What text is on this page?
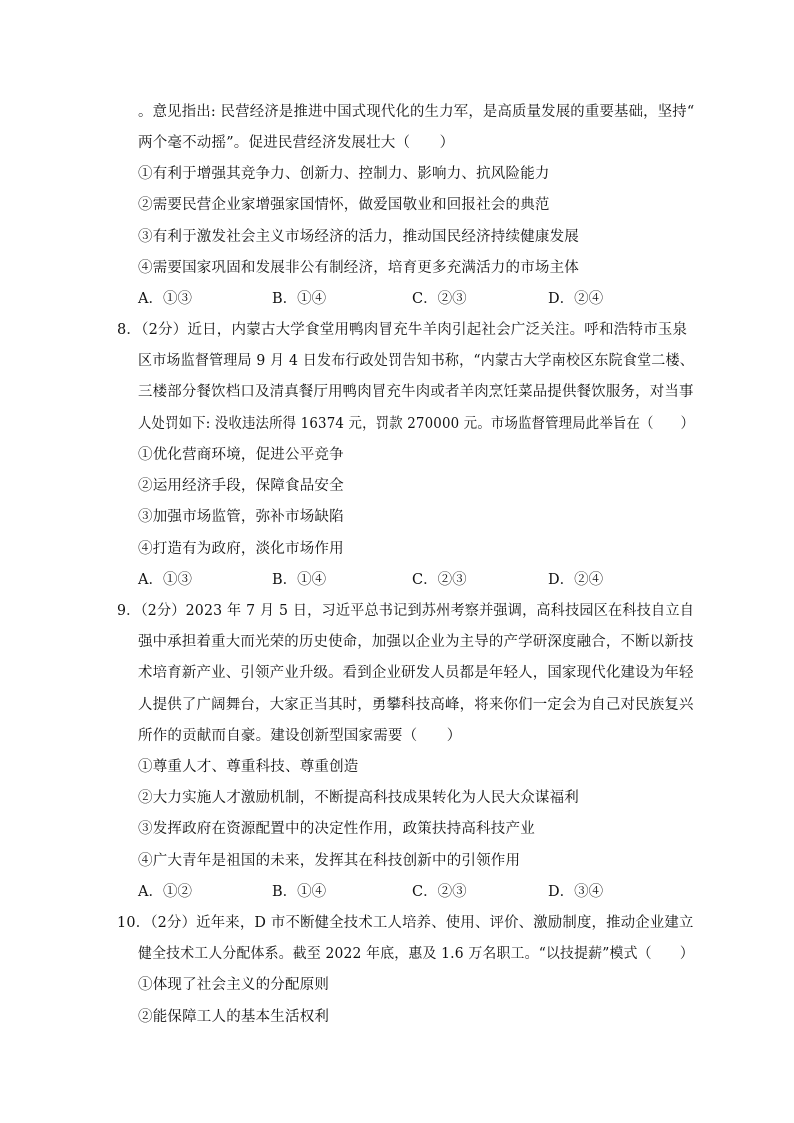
。意见指出: 民营经济是推进中国式现代化的生力军，是高质量发展的重要基础，坚持“
两个毫不动摇”。促进民营经济发展壮大（　　）
①有利于增强其竞争力、创新力、控制力、影响力、抗风险能力
②需要民营企业家增强家国情怀，做爱国敬业和回报社会的典范
③有利于激发社会主义市场经济的活力，推动国民经济持续健康发展
④需要国家巩固和发展非公有制经济，培育更多充满活力的市场主体
A．①③	B．①④	C．②③	D．②④
8．（2分）近日，内蒙古大学食堂用鸭肉冒充牛羊肉引起社会广泛关注。呼和浩特市玉泉
区市场监督管理局 9 月 4 日发布行政处罚告知书称，“内蒙古大学南校区东院食堂二楼、
三楼部分餐饮档口及清真餐厅用鸭肉冒充牛肉或者羊肉烹饪菜品提供餐饮服务，对当事
人处罚如下: 没收违法所得 16374 元，罚款 270000 元。市场监督管理局此举旨在（　　）
①优化营商环境，促进公平竞争
②运用经济手段，保障食品安全
③加强市场监管，弥补市场缺陷
④打造有为政府，淡化市场作用
A．①③	B．①④	C．②③	D．②④
9．（2分）2023 年 7 月 5 日，习近平总书记到苏州考察并强调，高科技园区在科技自立自
强中承担着重大而光荣的历史使命，加强以企业为主导的产学研深度融合，不断以新技
术培育新产业、引领产业升级。看到企业研发人员都是年轻人，国家现代化建设为年轻
人提供了广阔舞台，大家正当其时，勇攀科技高峰，将来你们一定会为自己对民族复兴
所作的贡献而自豪。建设创新型国家需要（　　）
①尊重人才、尊重科技、尊重创造
②大力实施人才激励机制，不断提高科技成果转化为人民大众谋福利
③发挥政府在资源配置中的决定性作用，政策扶持高科技产业
④广大青年是祖国的未来，发挥其在科技创新中的引领作用
A．①②	B．①④	C．②③	D．③④
10．（2分）近年来，D 市不断健全技术工人培养、使用、评价、激励制度，推动企业建立
健全技术工人分配体系。截至 2022 年底，惠及 1.6 万名职工。“以技提薪”模式（　　）
①体现了社会主义的分配原则
②能保障工人的基本生活权利
